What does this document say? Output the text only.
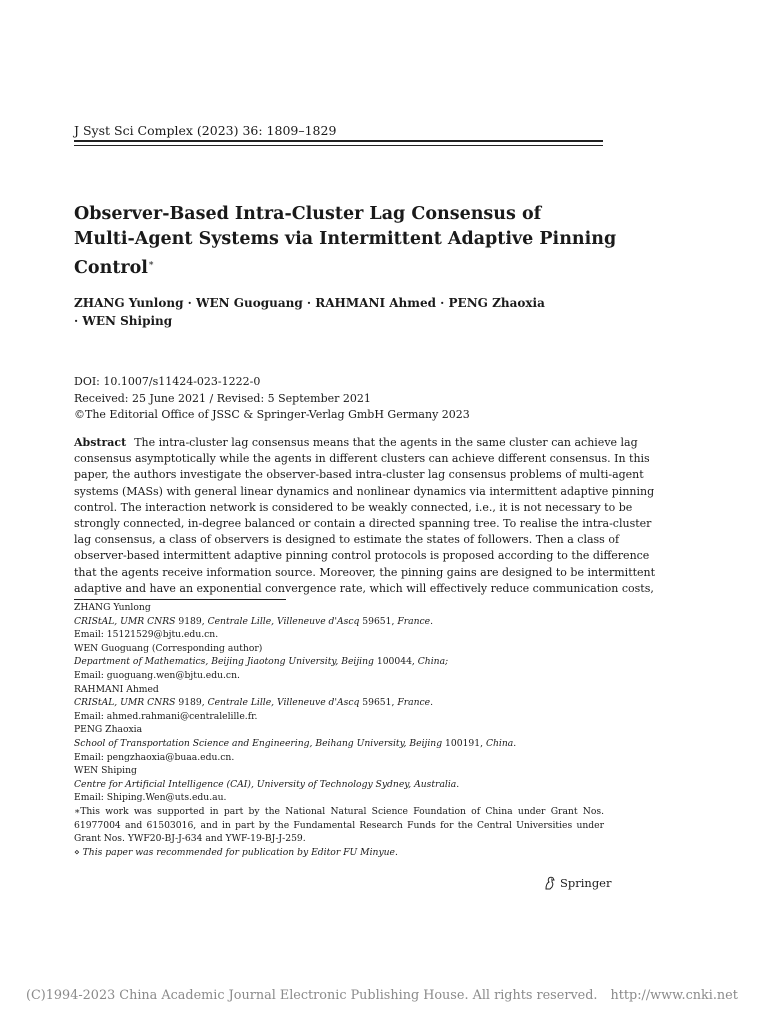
J Syst Sci Complex (2023) 36: 1809–1829
Observer-Based Intra-Cluster Lag Consensus of
Multi-Agent Systems via Intermittent Adaptive Pinning
Control∗
ZHANG Yunlong · WEN Guoguang · RAHMANI Ahmed · PENG Zhaoxia
· WEN Shiping
DOI: 10.1007/s11424-023-1222-0
Received: 25 June 2021 / Revised: 5 September 2021
©The Editorial Office of JSSC & Springer-Verlag GmbH Germany 2023
Abstract The intra-cluster lag consensus means that the agents in the same cluster can achieve lag
consensus asymptotically while the agents in different clusters can achieve different consensus. In this
paper, the authors investigate the observer-based intra-cluster lag consensus problems of multi-agent
systems (MASs) with general linear dynamics and nonlinear dynamics via intermittent adaptive pinning
control. The interaction network is considered to be weakly connected, i.e., it is not necessary to be
strongly connected, in-degree balanced or contain a directed spanning tree. To realise the intra-cluster
lag consensus, a class of observers is designed to estimate the states of followers. Then a class of
observer-based intermittent adaptive pinning control protocols is proposed according to the difference
that the agents receive information source. Moreover, the pinning gains are designed to be intermittent
adaptive and have an exponential convergence rate, which will effectively reduce communication costs,
ZHANG Yunlong
CRIStAL, UMR CNRS 9189, Centrale Lille, Villeneuve d'Ascq 59651, France.
Email: 15121529@bjtu.edu.cn.
WEN Guoguang (Corresponding author)
Department of Mathematics, Beijing Jiaotong University, Beijing 100044, China;
Email: guoguang.wen@bjtu.edu.cn.
RAHMANI Ahmed
CRIStAL, UMR CNRS 9189, Centrale Lille, Villeneuve d'Ascq 59651, France.
Email: ahmed.rahmani@centralelille.fr.
PENG Zhaoxia
School of Transportation Science and Engineering, Beihang University, Beijing 100191, China.
Email: pengzhaoxia@buaa.edu.cn.
WEN Shiping
Centre for Artificial Intelligence (CAI), University of Technology Sydney, Australia.
Email: Shiping.Wen@uts.edu.au.
∗This work was supported in part by the National Natural Science Foundation of China under Grant Nos.
61977004 and 61503016, and in part by the Fundamental Research Funds for the Central Universities under
Grant Nos. YWF20-BJ-J-634 and YWF-19-BJ-J-259.
⋄ This paper was recommended for publication by Editor FU Minyue.
Springer
(C)1994-2023 China Academic Journal Electronic Publishing House. All rights reserved. http://www.cnki.net
